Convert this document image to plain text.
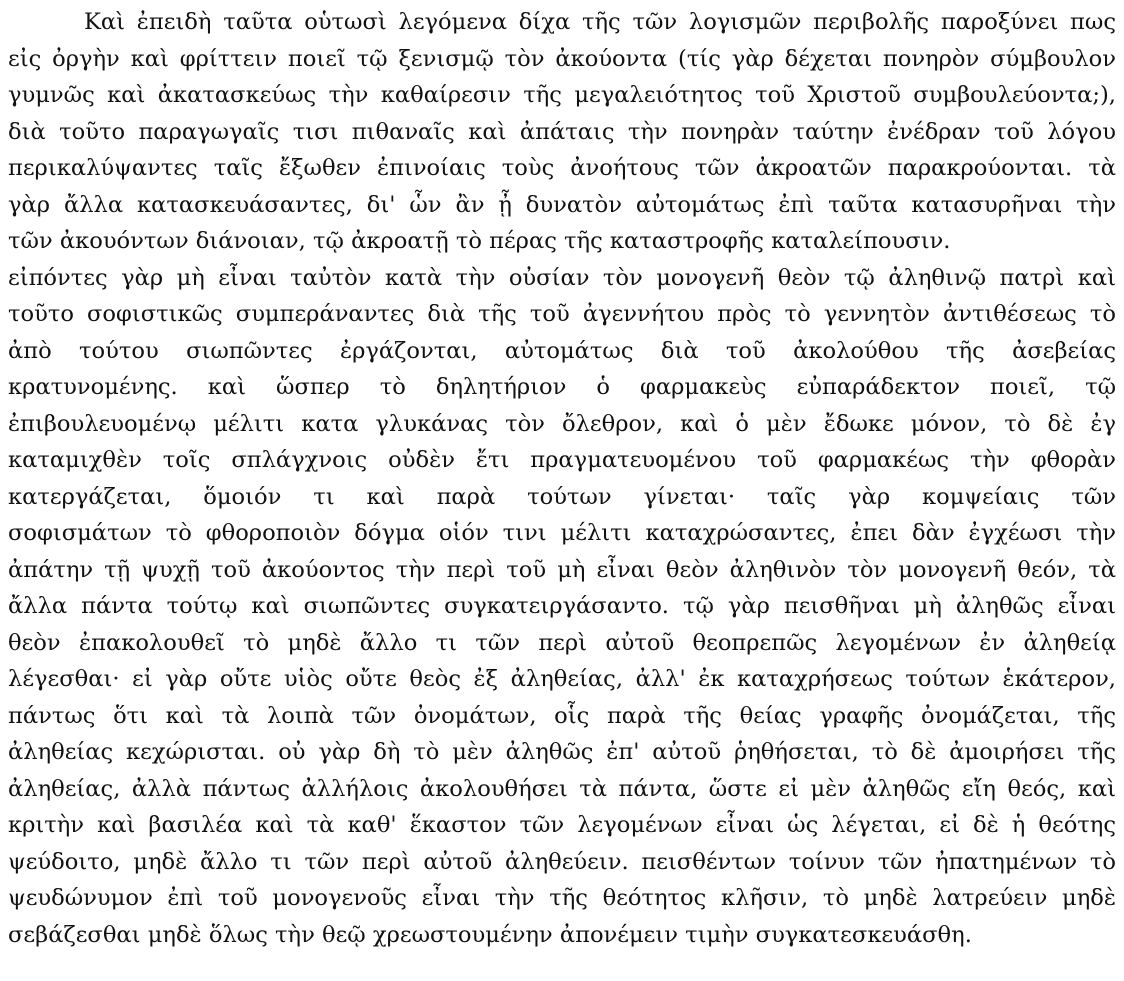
Καὶ ἐπειδὴ ταῦτα οὑτωσὶ λεγόμενα δίχα τῆς τῶν λογισμῶν περιβολῆς παροξύνει πως
εἰς ὀργὴν καὶ φρίττειν ποιεῖ τῷ ξενισμῷ τὸν ἀκούοντα (τίς γὰρ δέχεται πονηρὸν σύμβουλον
γυμνῶς καὶ ἀκατασκεύως τὴν καθαίρεσιν τῆς μεγαλειότητος τοῦ Χριστοῦ συμβουλεύοντα;),
διὰ τοῦτο παραγωγαῖς τισι πιθαναῖς καὶ ἀπάταις τὴν πονηρὰν ταύτην ἐνέδραν τοῦ λόγου
περικαλύψαντες ταῖς ἔξωθεν ἐπινοίαις τοὺς ἀνοήτους τῶν ἀκροατῶν παρακρούονται. τὰ
γὰρ ἄλλα κατασκευάσαντες, δι' ὧν ἂν ᾖ δυνατὸν αὐτομάτως ἐπὶ ταῦτα κατασυρῆναι τὴν
τῶν ἀκουόντων διάνοιαν, τῷ ἀκροατῇ τὸ πέρας τῆς καταστροφῆς καταλείπουσιν.
εἰπόντες γὰρ μὴ εἶναι ταὐτὸν κατὰ τὴν οὐσίαν τὸν μονογενῆ θεὸν τῷ ἀληθινῷ πατρὶ καὶ
τοῦτο σοφιστικῶς συμπεράναντες διὰ τῆς τοῦ ἀγεννήτου πρὸς τὸ γεννητὸν ἀντιθέσεως τὸ
ἀπὸ τούτου σιωπῶντες ἐργάζονται, αὐτομάτως διὰ τοῦ ἀκολούθου τῆς ἀσεβείας
κρατυνομένης. καὶ ὥσπερ τὸ δηλητήριον ὁ φαρμακεὺς εὐπαράδεκτον ποιεῖ, τῷ
ἐπιβουλευομένῳ μέλιτι κατα γλυκάνας τὸν ὄλεθρον, καὶ ὁ μὲν ἔδωκε μόνον, τὸ δὲ ἐγ
καταμιχθὲν τοῖς σπλάγχνοις οὐδὲν ἔτι πραγματευομένου τοῦ φαρμακέως τὴν φθορὰν
κατεργάζεται, ὅμοιόν τι καὶ παρὰ τούτων γίνεται· ταῖς γὰρ κομψείαις τῶν
σοφισμάτων τὸ φθοροποιὸν δόγμα οἱόν τινι μέλιτι καταχρώσαντες, ἐπει δὰν ἐγχέωσι τὴν
ἀπάτην τῇ ψυχῇ τοῦ ἀκούοντος τὴν περὶ τοῦ μὴ εἶναι θεὸν ἀληθινὸν τὸν μονογενῆ θεόν, τὰ
ἄλλα πάντα τούτῳ καὶ σιωπῶντες συγκατειργάσαντο. τῷ γὰρ πεισθῆναι μὴ ἀληθῶς εἶναι
θεὸν ἐπακολουθεῖ τὸ μηδὲ ἄλλο τι τῶν περὶ αὐτοῦ θεοπρεπῶς λεγομένων ἐν ἀληθείᾳ
λέγεσθαι· εἰ γὰρ οὔτε υἱὸς οὔτε θεὸς ἐξ ἀληθείας, ἀλλ' ἐκ καταχρήσεως τούτων ἑκάτερον,
πάντως ὅτι καὶ τὰ λοιπὰ τῶν ὀνομάτων, οἷς παρὰ τῆς θείας γραφῆς ὀνομάζεται, τῆς
ἀληθείας κεχώρισται. οὐ γὰρ δὴ τὸ μὲν ἀληθῶς ἐπ' αὐτοῦ ῥηθήσεται, τὸ δὲ ἀμοιρήσει τῆς
ἀληθείας, ἀλλὰ πάντως ἀλλήλοις ἀκολουθήσει τὰ πάντα, ὥστε εἰ μὲν ἀληθῶς εἴη θεός, καὶ
κριτὴν καὶ βασιλέα καὶ τὰ καθ' ἕκαστον τῶν λεγομένων εἶναι ὡς λέγεται, εἰ δὲ ἡ θεότης
ψεύδοιτο, μηδὲ ἄλλο τι τῶν περὶ αὐτοῦ ἀληθεύειν. πεισθέντων τοίνυν τῶν ἠπατημένων τὸ
ψευδώνυμον ἐπὶ τοῦ μονογενοῦς εἶναι τὴν τῆς θεότητος κλῆσιν, τὸ μηδὲ λατρεύειν μηδὲ
σεβάζεσθαι μηδὲ ὅλως τὴν θεῷ χρεωστουμένην ἀπονέμειν τιμὴν συγκατεσκευάσθη.
